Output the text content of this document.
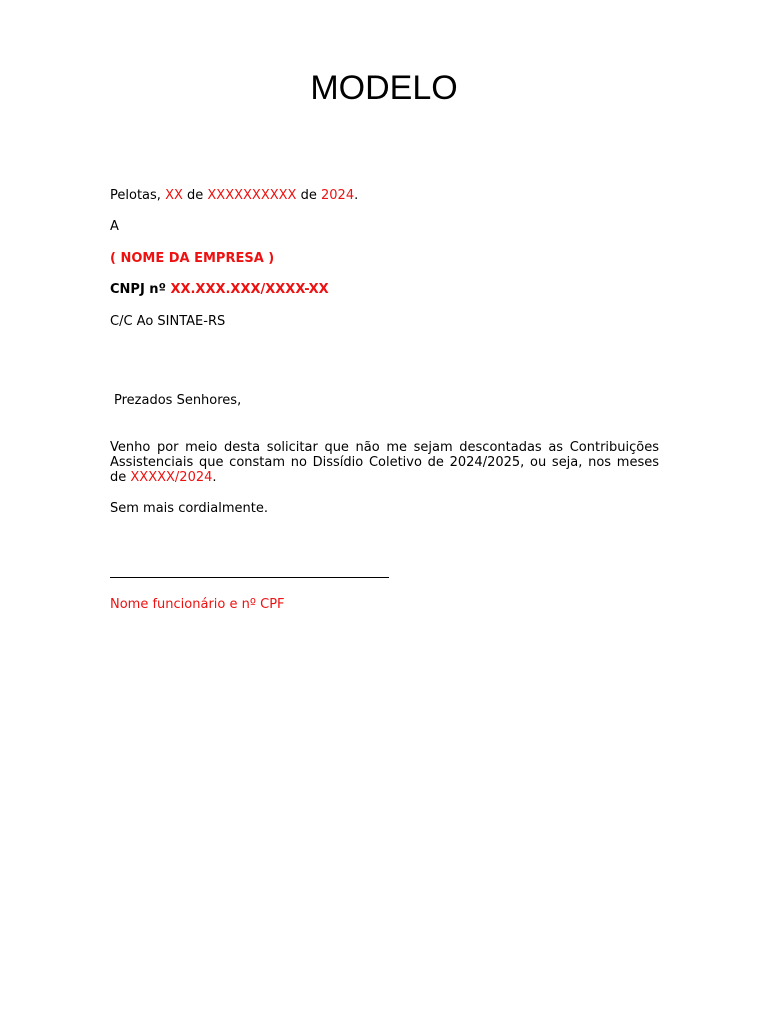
MODELO
Pelotas, XX de XXXXXXXXXX de 2024.
A
( NOME DA EMPRESA )
CNPJ nº XX.XXX.XXX/XXXX-XX
C/C Ao SINTAE-RS
Prezados Senhores,
Venho por meio desta solicitar que não me sejam descontadas as Contribuições Assistenciais que constam no Dissídio Coletivo de 2024/2025, ou seja, nos meses de XXXXX/2024.
Sem mais cordialmente.
Nome funcionário e nº CPF
